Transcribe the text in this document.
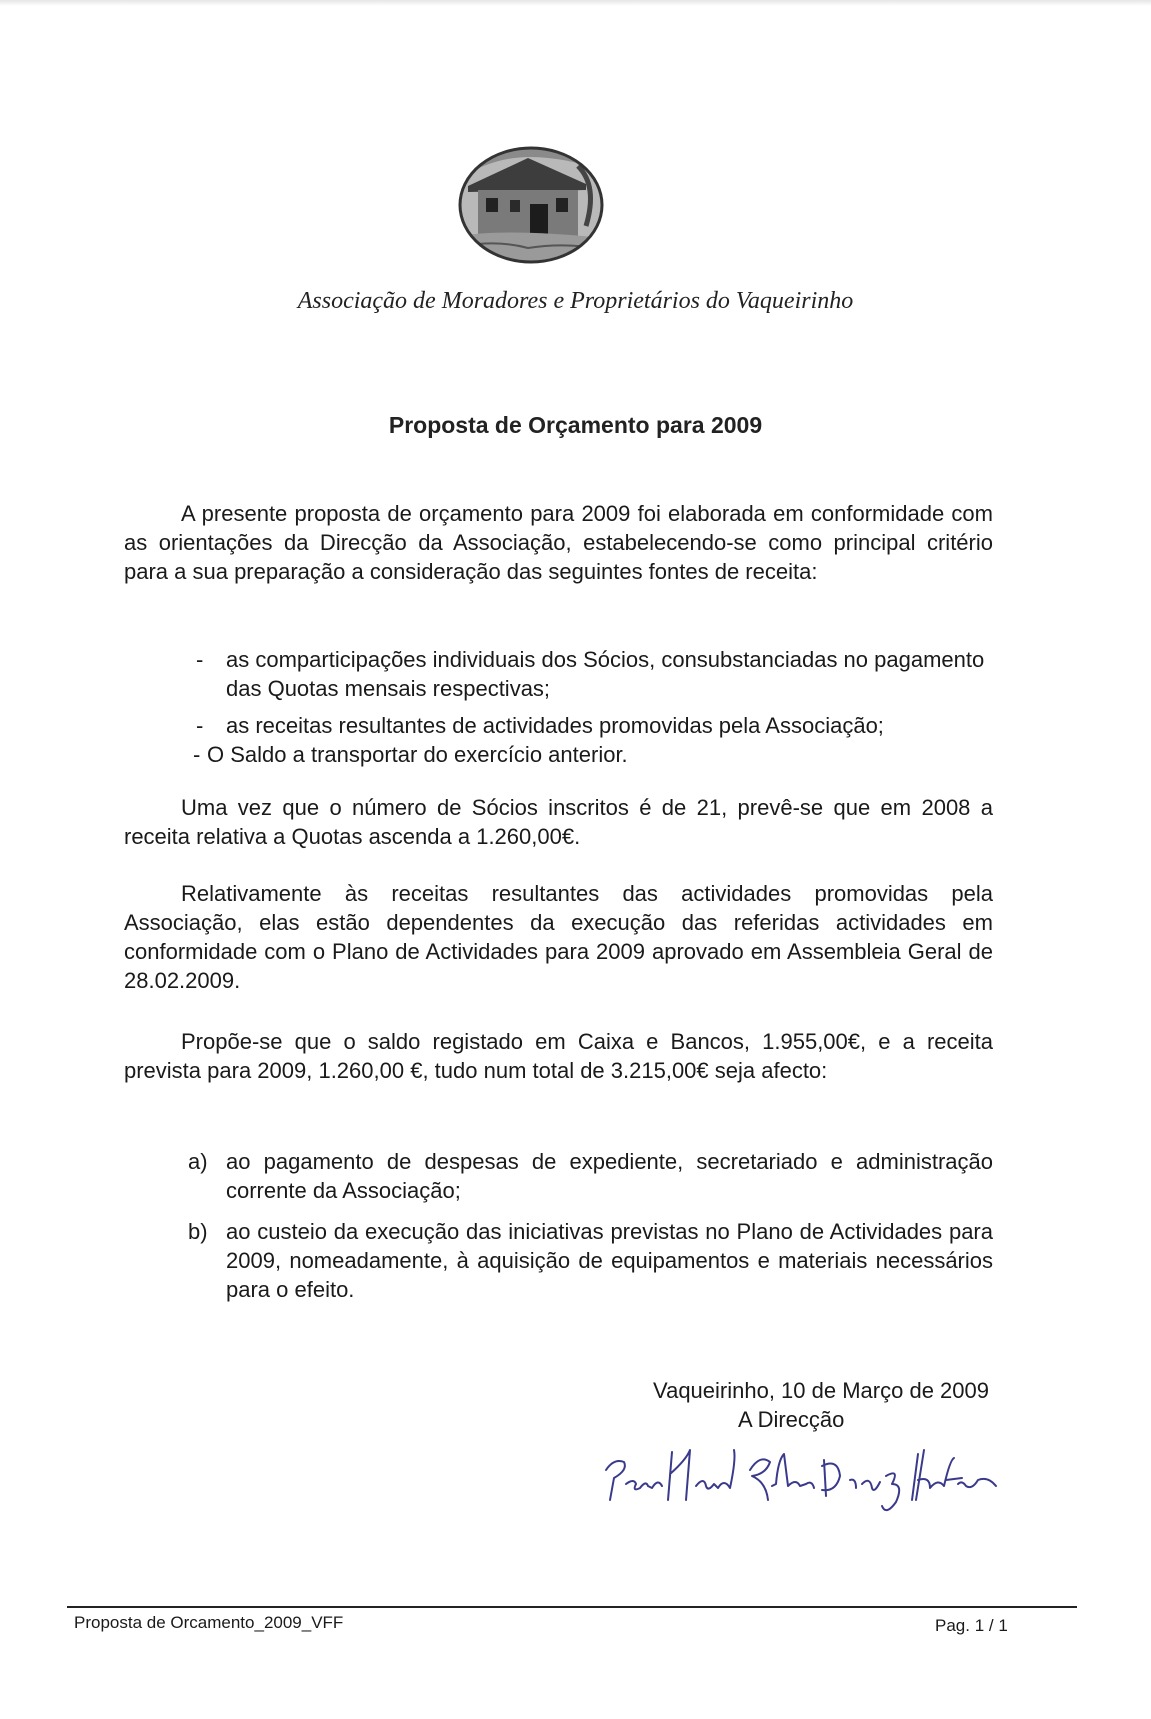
Associação de Moradores e Proprietários do Vaqueirinho
Proposta de Orçamento para 2009

A presente proposta de orçamento para 2009 foi elaborada em conformidade com as orientações da Direcção da Associação, estabelecendo-se como principal critério para a sua preparação a consideração das seguintes fontes de receita:

- as comparticipações individuais dos Sócios, consubstanciadas no pagamento das Quotas mensais respectivas;
- as receitas resultantes de actividades promovidas pela Associação;
- O Saldo a transportar do exercício anterior.

Uma vez que o número de Sócios inscritos é de 21, prevê-se que em 2008 a receita relativa a Quotas ascenda a 1.260,00€.

Relativamente às receitas resultantes das actividades promovidas pela Associação, elas estão dependentes da execução das referidas actividades em conformidade com o Plano de Actividades para 2009 aprovado em Assembleia Geral de 28.02.2009.

Propõe-se que o saldo registado em Caixa e Bancos, 1.955,00€, e a receita prevista para 2009, 1.260,00 €, tudo num total de 3.215,00€ seja afecto:

a) ao pagamento de despesas de expediente, secretariado e administração corrente da Associação;
b) ao custeio da execução das iniciativas previstas no Plano de Actividades para 2009, nomeadamente, à aquisição de equipamentos e materiais necessários para o efeito.
Vaqueirinho, 10 de Março de 2009
A Direcção
Proposta de Orcamento_2009_VFF	Pag. 1 / 1
